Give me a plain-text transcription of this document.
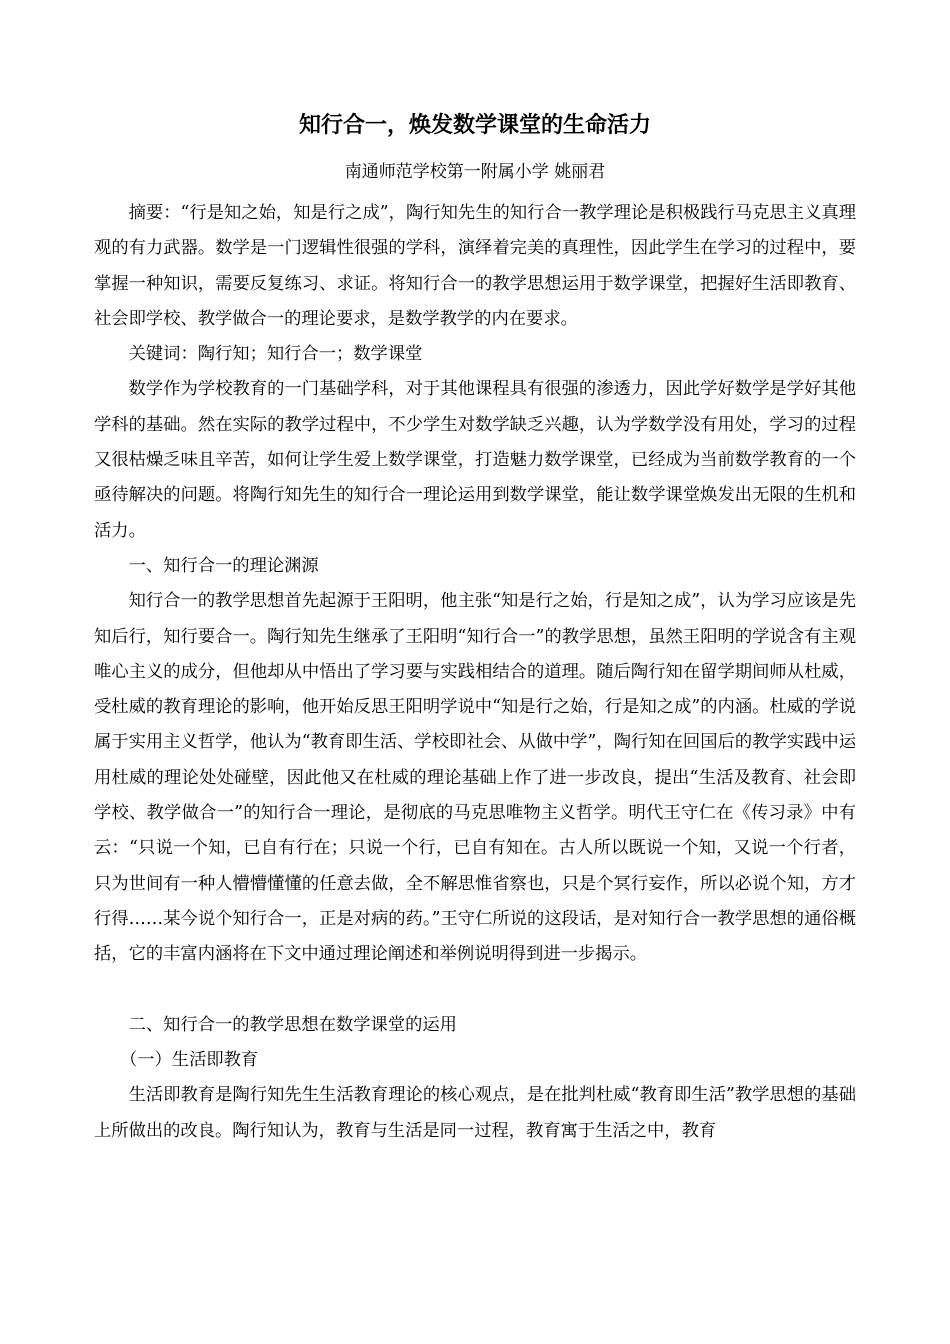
知行合一，焕发数学课堂的生命活力

南通师范学校第一附属小学 姚丽君

摘要：“行是知之始，知是行之成”，陶行知先生的知行合一教学理论是积极践行马克思主义真理观的有力武器。数学是一门逻辑性很强的学科，演绎着完美的真理性，因此学生在学习的过程中，要掌握一种知识，需要反复练习、求证。将知行合一的教学思想运用于数学课堂，把握好生活即教育、社会即学校、教学做合一的理论要求，是数学教学的内在要求。

关键词：陶行知；知行合一；数学课堂

数学作为学校教育的一门基础学科，对于其他课程具有很强的渗透力，因此学好数学是学好其他学科的基础。然在实际的教学过程中，不少学生对数学缺乏兴趣，认为学数学没有用处，学习的过程又很枯燥乏味且辛苦，如何让学生爱上数学课堂，打造魅力数学课堂，已经成为当前数学教育的一个亟待解决的问题。将陶行知先生的知行合一理论运用到数学课堂，能让数学课堂焕发出无限的生机和活力。

一、知行合一的理论渊源

知行合一的教学思想首先起源于王阳明，他主张“知是行之始，行是知之成”，认为学习应该是先知后行，知行要合一。陶行知先生继承了王阳明“知行合一”的教学思想，虽然王阳明的学说含有主观唯心主义的成分，但他却从中悟出了学习要与实践相结合的道理。随后陶行知在留学期间师从杜威，受杜威的教育理论的影响，他开始反思王阳明学说中“知是行之始，行是知之成”的内涵。杜威的学说属于实用主义哲学，他认为“教育即生活、学校即社会、从做中学”，陶行知在回国后的教学实践中运用杜威的理论处处碰壁，因此他又在杜威的理论基础上作了进一步改良，提出“生活及教育、社会即学校、教学做合一”的知行合一理论，是彻底的马克思唯物主义哲学。明代王守仁在《传习录》中有云：“只说一个知，已自有行在；只说一个行，已自有知在。古人所以既说一个知，又说一个行者，只为世间有一种人懵懵懂懂的任意去做，全不解思惟省察也，只是个冥行妄作，所以必说个知，方才行得……某今说个知行合一，正是对病的药。”王守仁所说的这段话，是对知行合一教学思想的通俗概括，它的丰富内涵将在下文中通过理论阐述和举例说明得到进一步揭示。

二、知行合一的教学思想在数学课堂的运用

（一）生活即教育

生活即教育是陶行知先生生活教育理论的核心观点，是在批判杜威“教育即生活”教学思想的基础上所做出的改良。陶行知认为，教育与生活是同一过程，教育寓于生活之中，教育
